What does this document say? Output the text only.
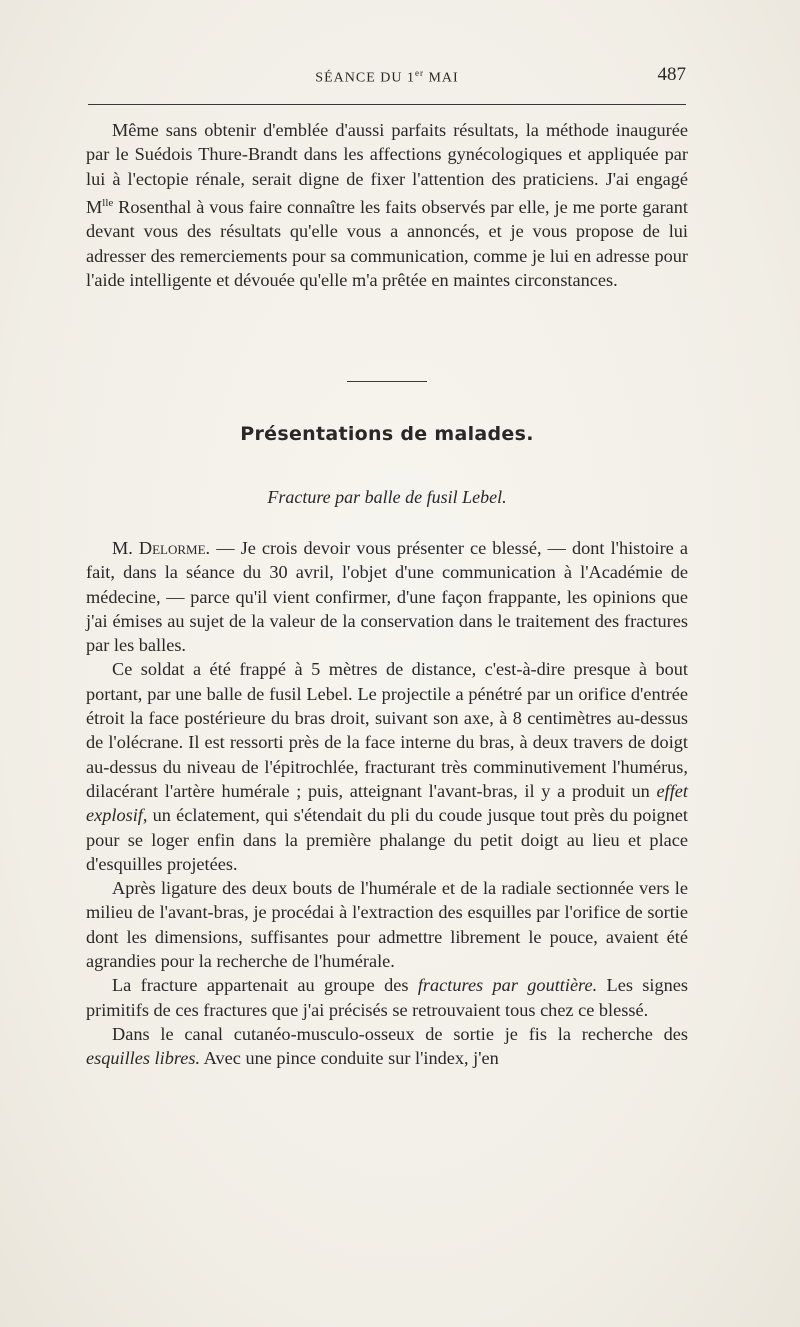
SÉANCE DU 1er MAI	487

Même sans obtenir d'emblée d'aussi parfaits résultats, la méthode inaugurée par le Suédois Thure-Brandt dans les affections gynécologiques et appliquée par lui à l'ectopie rénale, serait digne de fixer l'attention des praticiens. J'ai engagé $M^{lle}$ Rosenthal à vous faire connaître les faits observés par elle, je me porte garant devant vous des résultats qu'elle vous a annoncés, et je vous propose de lui adresser des remerciements pour sa communication, comme je lui en adresse pour l'aide intelligente et dévouée qu'elle m'a prêtée en maintes circonstances.

Présentations de malades.
Fracture par balle de fusil Lebel.

M. Delorme. — Je crois devoir vous présenter ce blessé, — dont l'histoire a fait, dans la séance du 30 avril, l'objet d'une communication à l'Académie de médecine, — parce qu'il vient confirmer, d'une façon frappante, les opinions que j'ai émises au sujet de la valeur de la conservation dans le traitement des fractures par les balles.

Ce soldat a été frappé à 5 mètres de distance, c'est-à-dire presque à bout portant, par une balle de fusil Lebel. Le projectile a pénétré par un orifice d'entrée étroit la face postérieure du bras droit, suivant son axe, à 8 centimètres au-dessus de l'olécrane. Il est ressorti près de la face interne du bras, à deux travers de doigt au-dessus du niveau de l'épitrochlée, fracturant très comminutivement l'humérus, dilacérant l'artère humérale ; puis, atteignant l'avant-bras, il y a produit un effet explosif, un éclatement, qui s'étendait du pli du coude jusque tout près du poignet pour se loger enfin dans la première phalange du petit doigt au lieu et place d'esquilles projetées.

Après ligature des deux bouts de l'humérale et de la radiale sectionnée vers le milieu de l'avant-bras, je procédai à l'extraction des esquilles par l'orifice de sortie dont les dimensions, suffisantes pour admettre librement le pouce, avaient été agrandies pour la recherche de l'humérale.

La fracture appartenait au groupe des fractures par gouttière. Les signes primitifs de ces fractures que j'ai précisés se retrouvaient tous chez ce blessé.

Dans le canal cutanéo-musculo-osseux de sortie je fis la recherche des esquilles libres. Avec une pince conduite sur l'index, j'en
